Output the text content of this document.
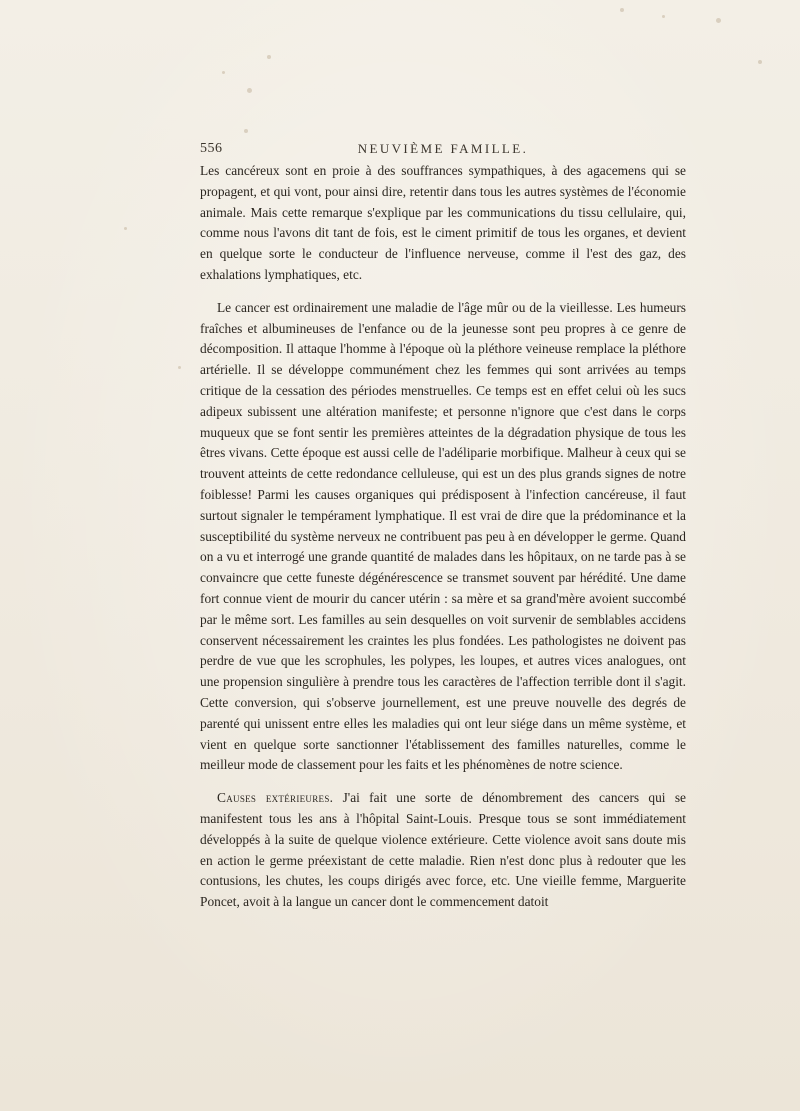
556	NEUVIÈME FAMILLE.

Les cancéreux sont en proie à des souffrances sympathiques, à des agacemens qui se propagent, et qui vont, pour ainsi dire, retentir dans tous les autres systèmes de l'économie animale. Mais cette remarque s'explique par les communications du tissu cellulaire, qui, comme nous l'avons dit tant de fois, est le ciment primitif de tous les organes, et devient en quelque sorte le conducteur de l'influence nerveuse, comme il l'est des gaz, des exhalations lymphatiques, etc.

Le cancer est ordinairement une maladie de l'âge mûr ou de la vieillesse. Les humeurs fraîches et albumineuses de l'enfance ou de la jeunesse sont peu propres à ce genre de décomposition. Il attaque l'homme à l'époque où la pléthore veineuse remplace la pléthore artérielle. Il se développe communément chez les femmes qui sont arrivées au temps critique de la cessation des périodes menstruelles. Ce temps est en effet celui où les sucs adipeux subissent une altération manifeste; et personne n'ignore que c'est dans le corps muqueux que se font sentir les premières atteintes de la dégradation physique de tous les êtres vivans. Cette époque est aussi celle de l'adéliparie morbifique. Malheur à ceux qui se trouvent atteints de cette redondance celluleuse, qui est un des plus grands signes de notre foiblesse! Parmi les causes organiques qui prédisposent à l'infection cancéreuse, il faut surtout signaler le tempérament lymphatique. Il est vrai de dire que la prédominance et la susceptibilité du système nerveux ne contribuent pas peu à en développer le germe. Quand on a vu et interrogé une grande quantité de malades dans les hôpitaux, on ne tarde pas à se convaincre que cette funeste dégénérescence se transmet souvent par hérédité. Une dame fort connue vient de mourir du cancer utérin : sa mère et sa grand'mère avoient succombé par le même sort. Les familles au sein desquelles on voit survenir de semblables accidens conservent nécessairement les craintes les plus fondées. Les pathologistes ne doivent pas perdre de vue que les scrophules, les polypes, les loupes, et autres vices analogues, ont une propension singulière à prendre tous les caractères de l'affection terrible dont il s'agit. Cette conversion, qui s'observe journellement, est une preuve nouvelle des degrés de parenté qui unissent entre elles les maladies qui ont leur siége dans un même système, et vient en quelque sorte sanctionner l'établissement des familles naturelles, comme le meilleur mode de classement pour les faits et les phénomènes de notre science.

Causes extérieures. J'ai fait une sorte de dénombrement des cancers qui se manifestent tous les ans à l'hôpital Saint-Louis. Presque tous se sont immédiatement développés à la suite de quelque violence extérieure. Cette violence avoit sans doute mis en action le germe préexistant de cette maladie. Rien n'est donc plus à redouter que les contusions, les chutes, les coups dirigés avec force, etc. Une vieille femme, Marguerite Poncet, avoit à la langue un cancer dont le commencement datoit
